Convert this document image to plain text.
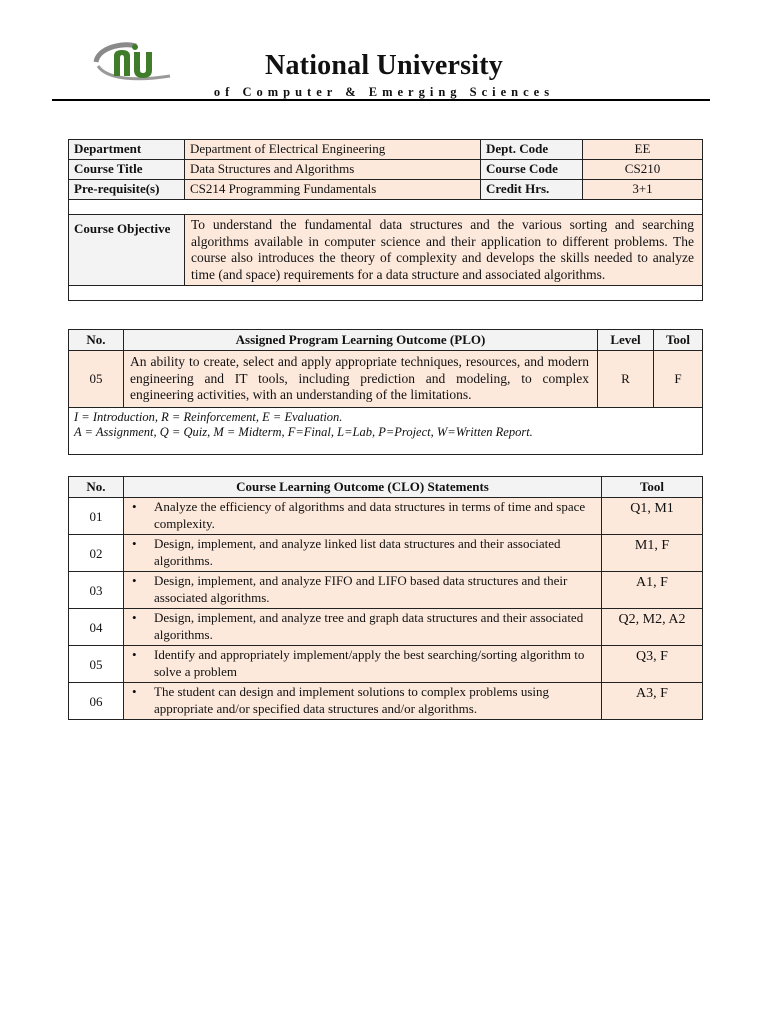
National University
of Computer & Emerging Sciences
Department	Department of Electrical Engineering	Dept. Code	EE
Course Title	Data Structures and Algorithms	Course Code	CS210
Pre-requisite(s)	CS214 Programming Fundamentals	Credit Hrs.	3+1

Course Objective	To understand the fundamental data structures and the various sorting and searching algorithms available in computer science and their application to different problems. The course also introduces the theory of complexity and develops the skills needed to analyze time (and space) requirements for a data structure and associated algorithms.		

No.	Assigned Program Learning Outcome (PLO)	Level	Tool
05	An ability to create, select and apply appropriate techniques, resources, and modern engineering and IT tools, including prediction and modeling, to complex engineering activities, with an understanding of the limitations.	R	F

I = Introduction, R = Reinforcement, E = Evaluation.
A = Assignment, Q = Quiz, M = Midterm, F=Final, L=Lab, P=Project, W=Written Report.			
No.	Course Learning Outcome (CLO) Statements	Tool
01	• Analyze the efficiency of algorithms and data structures in terms of time and space complexity.	Q1, M1
02	• Design, implement, and analyze linked list data structures and their associated algorithms.	M1, F
03	• Design, implement, and analyze FIFO and LIFO based data structures and their associated algorithms.	A1, F
04	• Design, implement, and analyze tree and graph data structures and their associated algorithms.	Q2, M2, A2
05	• Identify and appropriately implement/apply the best searching/sorting algorithm to solve a problem	Q3, F
06	• The student can design and implement solutions to complex problems using appropriate and/or specified data structures and/or algorithms.	A3, F
